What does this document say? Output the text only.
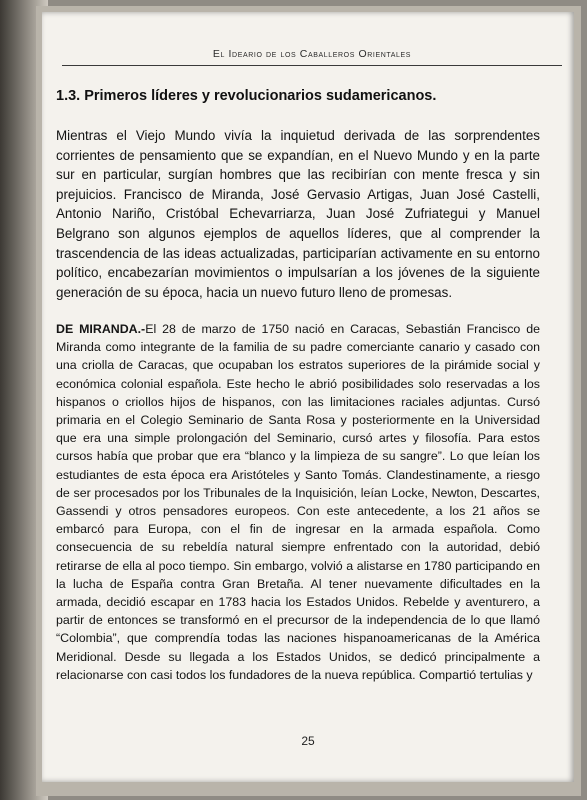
El Ideario de los Caballeros Orientales
1.3. Primeros líderes y revolucionarios sudamericanos.

Mientras el Viejo Mundo vivía la inquietud derivada de las sorprendentes corrientes de pensamiento que se expandían, en el Nuevo Mundo y en la parte sur en particular, surgían hombres que las recibirían con mente fresca y sin prejuicios. Francisco de Miranda, José Gervasio Artigas, Juan José Castelli, Antonio Nariño, Cristóbal Echevarriarza, Juan José Zufriategui y Manuel Belgrano son algunos ejemplos de aquellos líderes, que al comprender la trascendencia de las ideas actualizadas, participarían activamente en su entorno político, encabezarían movimientos o impulsarían a los jóvenes de la siguiente generación de su época, hacia un nuevo futuro lleno de promesas.

DE MIRANDA.-El 28 de marzo de 1750 nació en Caracas, Sebastián Francisco de Miranda como integrante de la familia de su padre comerciante canario y casado con una criolla de Caracas, que ocupaban los estratos superiores de la pirámide social y económica colonial española. Este hecho le abrió posibilidades solo reservadas a los hispanos o criollos hijos de hispanos, con las limitaciones raciales adjuntas. Cursó primaria en el Colegio Seminario de Santa Rosa y posteriormente en la Universidad que era una simple prolongación del Seminario, cursó artes y filosofía. Para estos cursos había que probar que era “blanco y la limpieza de su sangre”. Lo que leían los estudiantes de esta época era Aristóteles y Santo Tomás. Clandestinamente, a riesgo de ser procesados por los Tribunales de la Inquisición, leían Locke, Newton, Descartes, Gassendi y otros pensadores europeos. Con este antecedente, a los 21 años se embarcó para Europa, con el fin de ingresar en la armada española. Como consecuencia de su rebeldía natural siempre enfrentado con la autoridad, debió retirarse de ella al poco tiempo. Sin embargo, volvió a alistarse en 1780 participando en la lucha de España contra Gran Bretaña. Al tener nuevamente dificultades en la armada, decidió escapar en 1783 hacia los Estados Unidos. Rebelde y aventurero, a partir de entonces se transformó en el precursor de la independencia de lo que llamó “Colombia”, que comprendía todas las naciones hispanoamericanas de la América Meridional. Desde su llegada a los Estados Unidos, se dedicó principalmente a relacionarse con casi todos los fundadores de la nueva república. Compartió tertulias y

25
